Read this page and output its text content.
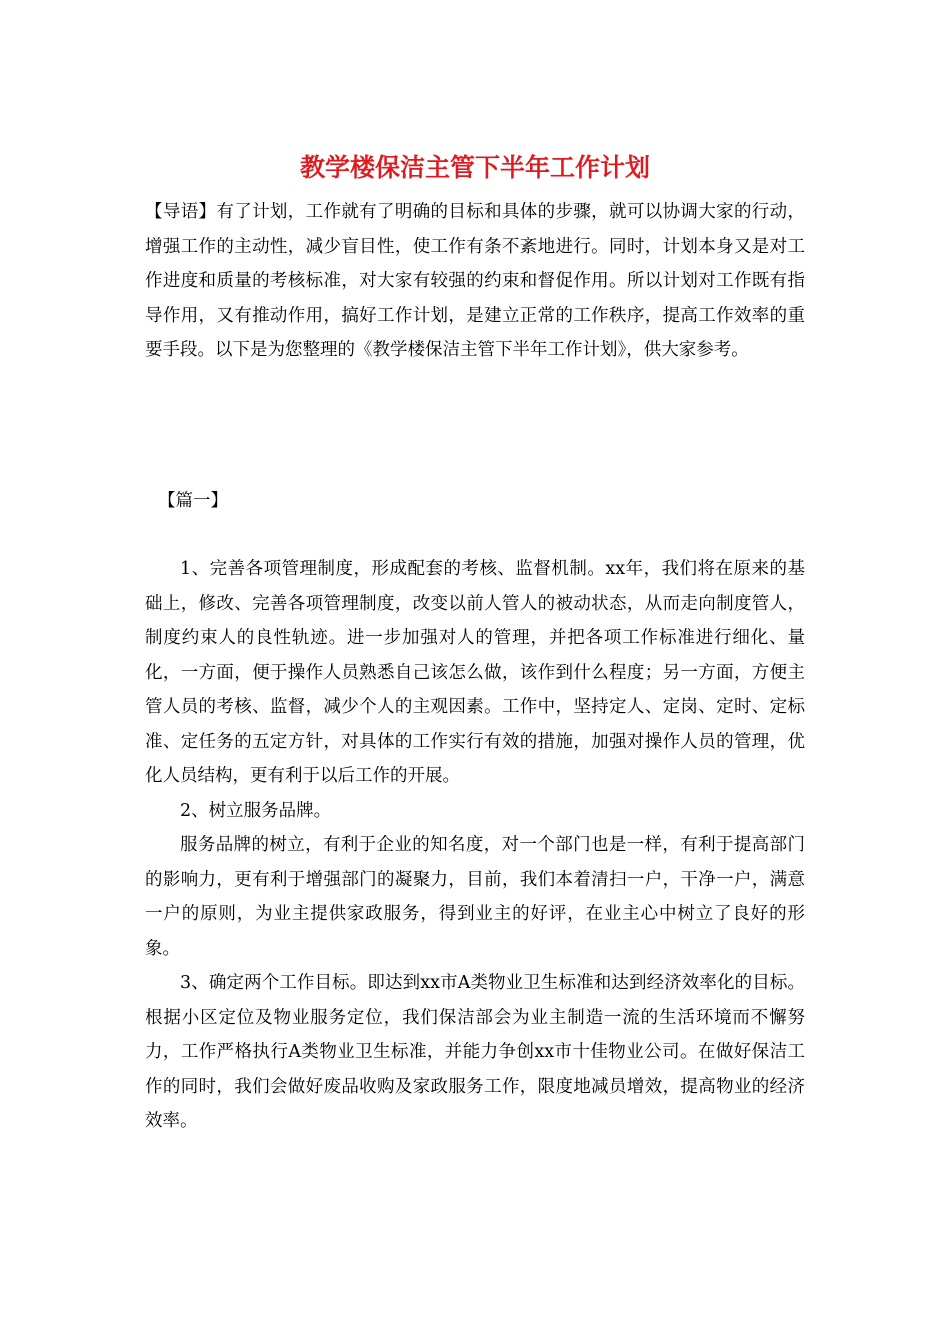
教学楼保洁主管下半年工作计划

【导语】有了计划，工作就有了明确的目标和具体的步骤，就可以协调大家的行动，增强工作的主动性，减少盲目性，使工作有条不紊地进行。同时，计划本身又是对工作进度和质量的考核标准，对大家有较强的约束和督促作用。所以计划对工作既有指导作用，又有推动作用，搞好工作计划，是建立正常的工作秩序，提高工作效率的重要手段。以下是为您整理的《教学楼保洁主管下半年工作计划》，供大家参考。

【篇一】

1、完善各项管理制度，形成配套的考核、监督机制。xx年，我们将在原来的基础上，修改、完善各项管理制度，改变以前人管人的被动状态，从而走向制度管人，制度约束人的良性轨迹。进一步加强对人的管理，并把各项工作标准进行细化、量化，一方面，便于操作人员熟悉自己该怎么做，该作到什么程度；另一方面，方便主管人员的考核、监督，减少个人的主观因素。工作中，坚持定人、定岗、定时、定标准、定任务的五定方针，对具体的工作实行有效的措施，加强对操作人员的管理，优化人员结构，更有利于以后工作的开展。

2、树立服务品牌。

服务品牌的树立，有利于企业的知名度，对一个部门也是一样，有利于提高部门的影响力，更有利于增强部门的凝聚力，目前，我们本着清扫一户，干净一户，满意一户的原则，为业主提供家政服务，得到业主的好评，在业主心中树立了良好的形象。

3、确定两个工作目标。即达到xx市A类物业卫生标准和达到经济效率化的目标。根据小区定位及物业服务定位，我们保洁部会为业主制造一流的生活环境而不懈努力，工作严格执行A类物业卫生标准，并能力争创xx市十佳物业公司。在做好保洁工作的同时，我们会做好废品收购及家政服务工作，限度地减员增效，提高物业的经济效率。
